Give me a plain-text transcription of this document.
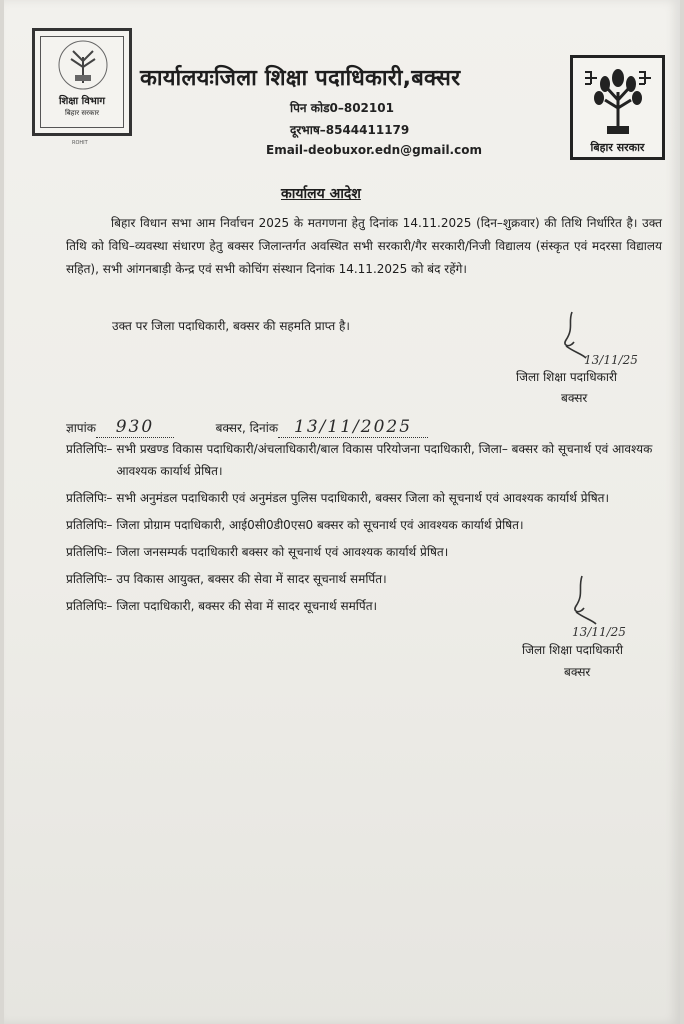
शिक्षा विभाग
बिहार सरकार
ROHIT
कार्यालयःजिला शिक्षा पदाधिकारी,बक्सर
पिन कोड0–802101
दूरभाष–8544411179
Email-deobuxor.edn@gmail.com	बिहार सरकार
कार्यालय आदेश
बिहार विधान सभा आम निर्वाचन 2025 के मतगणना हेतु दिनांक 14.11.2025 (दिन–शुक्रवार) की तिथि निर्धारित है। उक्त तिथि को विधि–व्यवस्था संधारण हेतु बक्सर जिलान्तर्गत अवस्थित सभी सरकारी/गैर सरकारी/निजी विद्यालय (संस्कृत एवं मदरसा विद्यालय सहित), सभी आंगनबाड़ी केन्द्र एवं सभी कोचिंग संस्थान दिनांक 14.11.2025 को बंद रहेंगे।
उक्त पर जिला पदाधिकारी, बक्सर की सहमति प्राप्त है।
13/11/25
जिला शिक्षा पदाधिकारी
बक्सर
ज्ञापांक 930	बक्सर, दिनांक 13/11/2025
प्रतिलिपिः– सभी प्रखण्ड विकास पदाधिकारी/अंचलाधिकारी/बाल विकास परियोजना पदाधिकारी, जिला– बक्सर को सूचनार्थ एवं आवश्यक आवश्यक कार्यार्थ प्रेषित।
प्रतिलिपिः– सभी अनुमंडल पदाधिकारी एवं अनुमंडल पुलिस पदाधिकारी, बक्सर जिला को सूचनार्थ एवं आवश्यक कार्यार्थ प्रेषित।
प्रतिलिपिः– जिला प्रोग्राम पदाधिकारी, आई0सी0डी0एस0 बक्सर को सूचनार्थ एवं आवश्यक कार्यार्थ प्रेषित।
प्रतिलिपिः– जिला जनसम्पर्क पदाधिकारी बक्सर को सूचनार्थ एवं आवश्यक कार्यार्थ प्रेषित।
प्रतिलिपिः– उप विकास आयुक्त, बक्सर की सेवा में सादर सूचनार्थ समर्पित।
प्रतिलिपिः– जिला पदाधिकारी, बक्सर की सेवा में सादर सूचनार्थ समर्पित।
13/11/25
जिला शिक्षा पदाधिकारी
बक्सर
